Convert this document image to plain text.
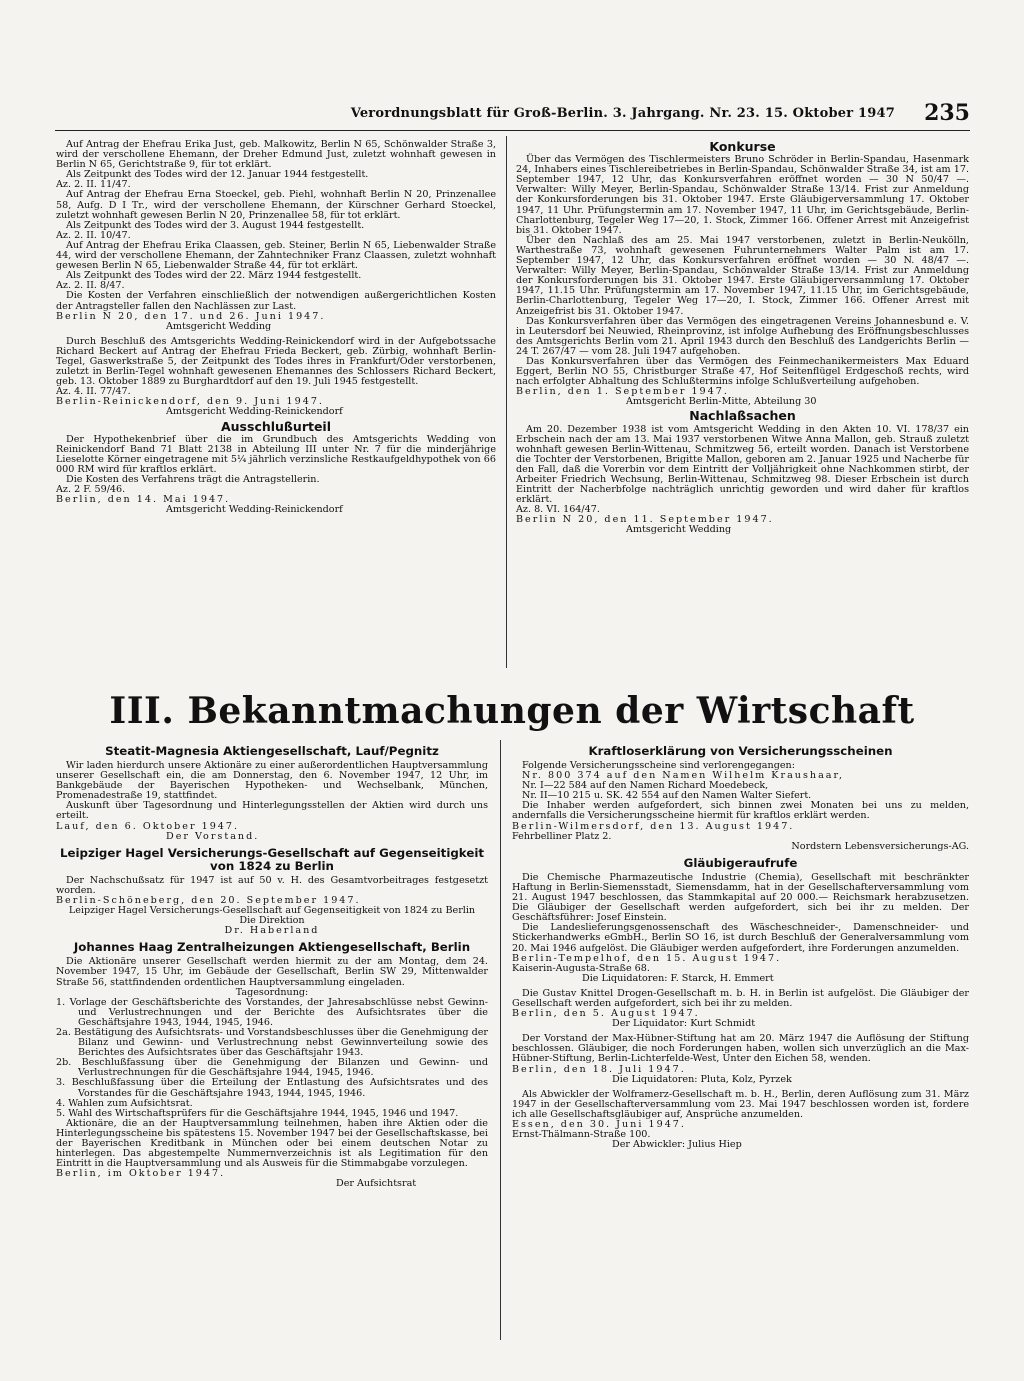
Verordnungsblatt für Groß-Berlin. 3. Jahrgang. Nr. 23. 15. Oktober 1947 235

Auf Antrag der Ehefrau Erika Just, geb. Malkowitz, Berlin N 65, Schönwalder Straße 3, wird der verschollene Ehemann, der Dreher Edmund Just, zuletzt wohnhaft gewesen in Berlin N 65, Gerichtstraße 9, für tot erklärt.

Als Zeitpunkt des Todes wird der 12. Januar 1944 festgestellt.

Az. 2. II. 11/47.

Auf Antrag der Ehefrau Erna Stoeckel, geb. Piehl, wohnhaft Berlin N 20, Prinzenallee 58, Aufg. D I Tr., wird der verschollene Ehemann, der Kürschner Gerhard Stoeckel, zuletzt wohnhaft gewesen Berlin N 20, Prinzenallee 58, für tot erklärt.

Als Zeitpunkt des Todes wird der 3. August 1944 festgestellt.

Az. 2. II. 10/47.

Auf Antrag der Ehefrau Erika Claassen, geb. Steiner, Berlin N 65, Liebenwalder Straße 44, wird der verschollene Ehemann, der Zahntechniker Franz Claassen, zuletzt wohnhaft gewesen Berlin N 65, Liebenwalder Straße 44, für tot erklärt.

Als Zeitpunkt des Todes wird der 22. März 1944 festgestellt.

Az. 2. II. 8/47.

Die Kosten der Verfahren einschließlich der notwendigen außergerichtlichen Kosten der Antragsteller fallen den Nachlässen zur Last.

Berlin N 20, den 17. und 26. Juni 1947.

Amtsgericht Wedding

Durch Beschluß des Amtsgerichts Wedding-Reinickendorf wird in der Aufgebotssache Richard Beckert auf Antrag der Ehefrau Frieda Beckert, geb. Zürbig, wohnhaft Berlin-Tegel, Gaswerkstraße 5, der Zeitpunkt des Todes ihres in Frankfurt/Oder verstorbenen, zuletzt in Berlin-Tegel wohnhaft gewesenen Ehemannes des Schlossers Richard Beckert, geb. 13. Oktober 1889 zu Burghardtdorf auf den 19. Juli 1945 festgestellt.

Az. 4. II. 77/47.

Berlin-Reinickendorf, den 9. Juni 1947.

Amtsgericht Wedding-Reinickendorf

Ausschlußurteil

Der Hypothekenbrief über die im Grundbuch des Amtsgerichts Wedding von Reinickendorf Band 71 Blatt 2138 in Abteilung III unter Nr. 7 für die minderjährige Lieselotte Körner eingetragene mit 5¼ jährlich verzinsliche Restkaufgeldhypothek von 66 000 RM wird für kraftlos erklärt.

Die Kosten des Verfahrens trägt die Antragstellerin.

Az. 2 F. 59/46.

Berlin, den 14. Mai 1947.

Amtsgericht Wedding-Reinickendorf

Konkurse

Über das Vermögen des Tischlermeisters Bruno Schröder in Berlin-Spandau, Hasenmark 24, Inhabers eines Tischlereibetriebes in Berlin-Spandau, Schönwalder Straße 34, ist am 17. September 1947, 12 Uhr, das Konkursverfahren eröffnet worden — 30 N 50/47 —. Verwalter: Willy Meyer, Berlin-Spandau, Schönwalder Straße 13/14. Frist zur Anmeldung der Konkursforderungen bis 31. Oktober 1947. Erste Gläubigerversammlung 17. Oktober 1947, 11 Uhr. Prüfungstermin am 17. November 1947, 11 Uhr, im Gerichtsgebäude, Berlin-Charlottenburg, Tegeler Weg 17—20, 1. Stock, Zimmer 166. Offener Arrest mit Anzeigefrist bis 31. Oktober 1947.

Über den Nachlaß des am 25. Mai 1947 verstorbenen, zuletzt in Berlin-Neukölln, Warthestraße 73, wohnhaft gewesenen Fuhrunternehmers Walter Palm ist am 17. September 1947, 12 Uhr, das Konkursverfahren eröffnet worden — 30 N. 48/47 —. Verwalter: Willy Meyer, Berlin-Spandau, Schönwalder Straße 13/14. Frist zur Anmeldung der Konkursforderungen bis 31. Oktober 1947. Erste Gläubigerversammlung 17. Oktober 1947, 11.15 Uhr. Prüfungstermin am 17. November 1947, 11.15 Uhr, im Gerichtsgebäude, Berlin-Charlottenburg, Tegeler Weg 17—20, I. Stock, Zimmer 166. Offener Arrest mit Anzeigefrist bis 31. Oktober 1947.

Das Konkursverfahren über das Vermögen des eingetragenen Vereins Johannesbund e. V. in Leutersdorf bei Neuwied, Rheinprovinz, ist infolge Aufhebung des Eröffnungsbeschlusses des Amtsgerichts Berlin vom 21. April 1943 durch den Beschluß des Landgerichts Berlin — 24 T. 267/47 — vom 28. Juli 1947 aufgehoben.

Das Konkursverfahren über das Vermögen des Feinmechanikermeisters Max Eduard Eggert, Berlin NO 55, Christburger Straße 47, Hof Seitenflügel Erdgeschoß rechts, wird nach erfolgter Abhaltung des Schlußtermins infolge Schlußverteilung aufgehoben.

Berlin, den 1. September 1947.

Amtsgericht Berlin-Mitte, Abteilung 30

Nachlaßsachen

Am 20. Dezember 1938 ist vom Amtsgericht Wedding in den Akten 10. VI. 178/37 ein Erbschein nach der am 13. Mai 1937 verstorbenen Witwe Anna Mallon, geb. Strauß zuletzt wohnhaft gewesen Berlin-Wittenau, Schmitzweg 56, erteilt worden. Danach ist Verstorbene die Tochter der Verstorbenen, Brigitte Mallon, geboren am 2. Januar 1925 und Nacherbe für den Fall, daß die Vorerbin vor dem Eintritt der Volljährigkeit ohne Nachkommen stirbt, der Arbeiter Friedrich Wechsung, Berlin-Wittenau, Schmitzweg 98. Dieser Erbschein ist durch Eintritt der Nacherbfolge nachträglich unrichtig geworden und wird daher für kraftlos erklärt.

Az. 8. VI. 164/47.

Berlin N 20, den 11. September 1947.

Amtsgericht Wedding

III. Bekanntmachungen der Wirtschaft
Steatit-Magnesia Aktiengesellschaft, Lauf/Pegnitz

Wir laden hierdurch unsere Aktionäre zu einer außerordentlichen Hauptversammlung unserer Gesellschaft ein, die am Donnerstag, den 6. November 1947, 12 Uhr, im Bankgebäude der Bayerischen Hypotheken- und Wechselbank, München, Promenadestraße 19, stattfindet.

Auskunft über Tagesordnung und Hinterlegungsstellen der Aktien wird durch uns erteilt.

Lauf, den 6. Oktober 1947.

Der Vorstand.

Leipziger Hagel Versicherungs-Gesellschaft auf Gegenseitigkeit von 1824 zu Berlin

Der Nachschußsatz für 1947 ist auf 50 v. H. des Gesamtvorbeitrages festgesetzt worden.

Berlin-Schöneberg, den 20. September 1947.

Leipziger Hagel Versicherungs-Gesellschaft auf Gegenseitigkeit von 1824 zu Berlin

Die Direktion

Dr. Haberland

Johannes Haag Zentralheizungen Aktiengesellschaft, Berlin

Die Aktionäre unserer Gesellschaft werden hiermit zu der am Montag, dem 24. November 1947, 15 Uhr, im Gebäude der Gesellschaft, Berlin SW 29, Mittenwalder Straße 56, stattfindenden ordentlichen Hauptversammlung eingeladen.

Tagesordnung:

1. Vorlage der Geschäftsberichte des Vorstandes, der Jahresabschlüsse nebst Gewinn- und Verlustrechnungen und der Berichte des Aufsichtsrates über die Geschäftsjahre 1943, 1944, 1945, 1946.
2a. Bestätigung des Aufsichtsrats- und Vorstandsbeschlusses über die Genehmigung der Bilanz und Gewinn- und Verlustrechnung nebst Gewinnverteilung sowie des Berichtes des Aufsichtsrates über das Geschäftsjahr 1943.
2b. Beschlußfassung über die Genehmigung der Bilanzen und Gewinn- und Verlustrechnungen für die Geschäftsjahre 1944, 1945, 1946.
3. Beschlußfassung über die Erteilung der Entlastung des Aufsichtsrates und des Vorstandes für die Geschäftsjahre 1943, 1944, 1945, 1946.
4. Wahlen zum Aufsichtsrat.
5. Wahl des Wirtschaftsprüfers für die Geschäftsjahre 1944, 1945, 1946 und 1947.

Aktionäre, die an der Hauptversammlung teilnehmen, haben ihre Aktien oder die Hinterlegungsscheine bis spätestens 15. November 1947 bei der Gesellschaftskasse, bei der Bayerischen Kreditbank in München oder bei einem deutschen Notar zu hinterlegen. Das abgestempelte Nummernverzeichnis ist als Legitimation für den Eintritt in die Hauptversammlung und als Ausweis für die Stimmabgabe vorzulegen.

Berlin, im Oktober 1947.

Der Aufsichtsrat

Kraftloserklärung von Versicherungsscheinen

Folgende Versicherungsscheine sind verlorengegangen:

Nr. 800 374 auf den Namen Wilhelm Kraushaar,

Nr. I—22 584 auf den Namen Richard Moedebeck,

Nr. II—10 215 u. SK. 42 554 auf den Namen Walter Siefert.

Die Inhaber werden aufgefordert, sich binnen zwei Monaten bei uns zu melden, andernfalls die Versicherungsscheine hiermit für kraftlos erklärt werden.

Berlin-Wilmersdorf, den 13. August 1947.

Fehrbelliner Platz 2.

Nordstern Lebensversicherungs-AG.

Gläubigeraufrufe

Die Chemische Pharmazeutische Industrie (Chemia), Gesellschaft mit beschränkter Haftung in Berlin-Siemensstadt, Siemensdamm, hat in der Gesellschafterversammlung vom 21. August 1947 beschlossen, das Stammkapital auf 20 000.— Reichsmark herabzusetzen. Die Gläubiger der Gesellschaft werden aufgefordert, sich bei ihr zu melden. Der Geschäftsführer: Josef Einstein.

Die Landeslieferungsgenossenschaft des Wäscheschneider-, Damenschneider- und Stickerhandwerks eGmbH., Berlin SO 16, ist durch Beschluß der Generalversammlung vom 20. Mai 1946 aufgelöst. Die Gläubiger werden aufgefordert, ihre Forderungen anzumelden.

Berlin-Tempelhof, den 15. August 1947.

Kaiserin-Augusta-Straße 68.

Die Liquidatoren: F. Starck, H. Emmert

Die Gustav Knittel Drogen-Gesellschaft m. b. H. in Berlin ist aufgelöst. Die Gläubiger der Gesellschaft werden aufgefordert, sich bei ihr zu melden.

Berlin, den 5. August 1947.

Der Liquidator: Kurt Schmidt

Der Vorstand der Max-Hübner-Stiftung hat am 20. März 1947 die Auflösung der Stiftung beschlossen. Gläubiger, die noch Forderungen haben, wollen sich unverzüglich an die Max-Hübner-Stiftung, Berlin-Lichterfelde-West, Unter den Eichen 58, wenden.

Berlin, den 18. Juli 1947.

Die Liquidatoren: Pluta, Kolz, Pyrzek

Als Abwickler der Wolframerz-Gesellschaft m. b. H., Berlin, deren Auflösung zum 31. März 1947 in der Gesellschafterversammlung vom 23. Mai 1947 beschlossen worden ist, fordere ich alle Gesellschaftsgläubiger auf, Ansprüche anzumelden.

Essen, den 30. Juni 1947.

Ernst-Thälmann-Straße 100.

Der Abwickler: Julius Hiep
